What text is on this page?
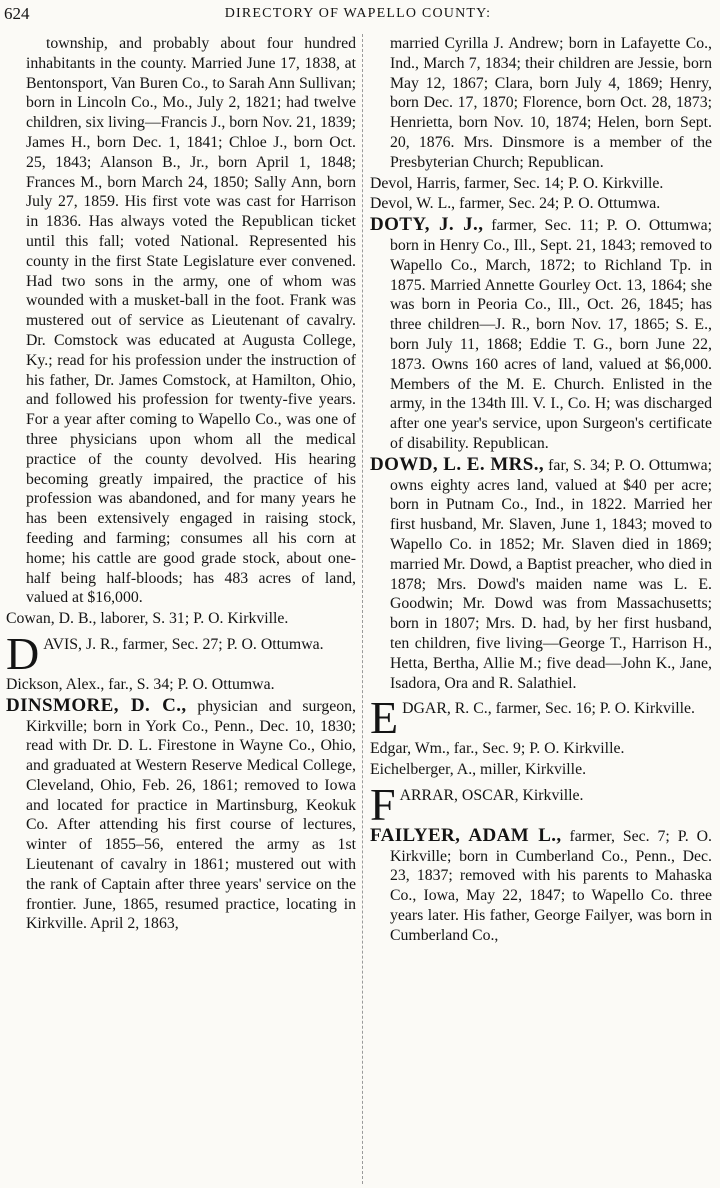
624	DIRECTORY OF WAPELLO COUNTY:

township, and probably about four hundred inhabitants in the county. Married June 17, 1838, at Bentonsport, Van Buren Co., to Sarah Ann Sullivan; born in Lincoln Co., Mo., July 2, 1821; had twelve children, six living—Francis J., born Nov. 21, 1839; James H., born Dec. 1, 1841; Chloe J., born Oct. 25, 1843; Alanson B., Jr., born April 1, 1848; Frances M., born March 24, 1850; Sally Ann, born July 27, 1859. His first vote was cast for Harrison in 1836. Has always voted the Republican ticket until this fall; voted National. Represented his county in the first State Legislature ever convened. Had two sons in the army, one of whom was wounded with a musket-ball in the foot. Frank was mustered out of service as Lieutenant of cavalry. Dr. Comstock was educated at Augusta College, Ky.; read for his profession under the instruction of his father, Dr. James Comstock, at Hamilton, Ohio, and followed his profession for twenty-five years. For a year after coming to Wapello Co., was one of three physicians upon whom all the medical practice of the county devolved. His hearing becoming greatly impaired, the practice of his profession was abandoned, and for many years he has been extensively engaged in raising stock, feeding and farming; consumes all his corn at home; his cattle are good grade stock, about one-half being half-bloods; has 483 acres of land, valued at $16,000.

Cowan, D. B., laborer, S. 31; P. O. Kirkville.

D AVIS, J. R., farmer, Sec. 27; P. O. Ottumwa.

Dickson, Alex., far., S. 34; P. O. Ottumwa.

DINSMORE, D. C., physician and surgeon, Kirkville; born in York Co., Penn., Dec. 10, 1830; read with Dr. D. L. Firestone in Wayne Co., Ohio, and graduated at Western Reserve Medical College, Cleveland, Ohio, Feb. 26, 1861; removed to Iowa and located for practice in Martinsburg, Keokuk Co. After attending his first course of lectures, winter of 1855–56, entered the army as 1st Lieutenant of cavalry in 1861; mustered out with the rank of Captain after three years' service on the frontier. June, 1865, resumed practice, locating in Kirkville. April 2, 1863,

married Cyrilla J. Andrew; born in Lafayette Co., Ind., March 7, 1834; their children are Jessie, born May 12, 1867; Clara, born July 4, 1869; Henry, born Dec. 17, 1870; Florence, born Oct. 28, 1873; Henrietta, born Nov. 10, 1874; Helen, born Sept. 20, 1876. Mrs. Dinsmore is a member of the Presbyterian Church; Republican.

Devol, Harris, farmer, Sec. 14; P. O. Kirkville.

Devol, W. L., farmer, Sec. 24; P. O. Ottumwa.

DOTY, J. J., farmer, Sec. 11; P. O. Ottumwa; born in Henry Co., Ill., Sept. 21, 1843; removed to Wapello Co., March, 1872; to Richland Tp. in 1875. Married Annette Gourley Oct. 13, 1864; she was born in Peoria Co., Ill., Oct. 26, 1845; has three children—J. R., born Nov. 17, 1865; S. E., born July 11, 1868; Eddie T. G., born June 22, 1873. Owns 160 acres of land, valued at $6,000. Members of the M. E. Church. Enlisted in the army, in the 134th Ill. V. I., Co. H; was discharged after one year's service, upon Surgeon's certificate of disability. Republican.

DOWD, L. E. MRS., far, S. 34; P. O. Ottumwa; owns eighty acres land, valued at $40 per acre; born in Putnam Co., Ind., in 1822. Married her first husband, Mr. Slaven, June 1, 1843; moved to Wapello Co. in 1852; Mr. Slaven died in 1869; married Mr. Dowd, a Baptist preacher, who died in 1878; Mrs. Dowd's maiden name was L. E. Goodwin; Mr. Dowd was from Massachusetts; born in 1807; Mrs. D. had, by her first husband, ten children, five living—George T., Harrison H., Hetta, Bertha, Allie M.; five dead—John K., Jane, Isadora, Ora and R. Salathiel.

E DGAR, R. C., farmer, Sec. 16; P. O. Kirkville.

Edgar, Wm., far., Sec. 9; P. O. Kirkville.

Eichelberger, A., miller, Kirkville.

F ARRAR, OSCAR, Kirkville.

FAILYER, ADAM L., farmer, Sec. 7; P. O. Kirkville; born in Cumberland Co., Penn., Dec. 23, 1837; removed with his parents to Mahaska Co., Iowa, May 22, 1847; to Wapello Co. three years later. His father, George Failyer, was born in Cumberland Co.,
